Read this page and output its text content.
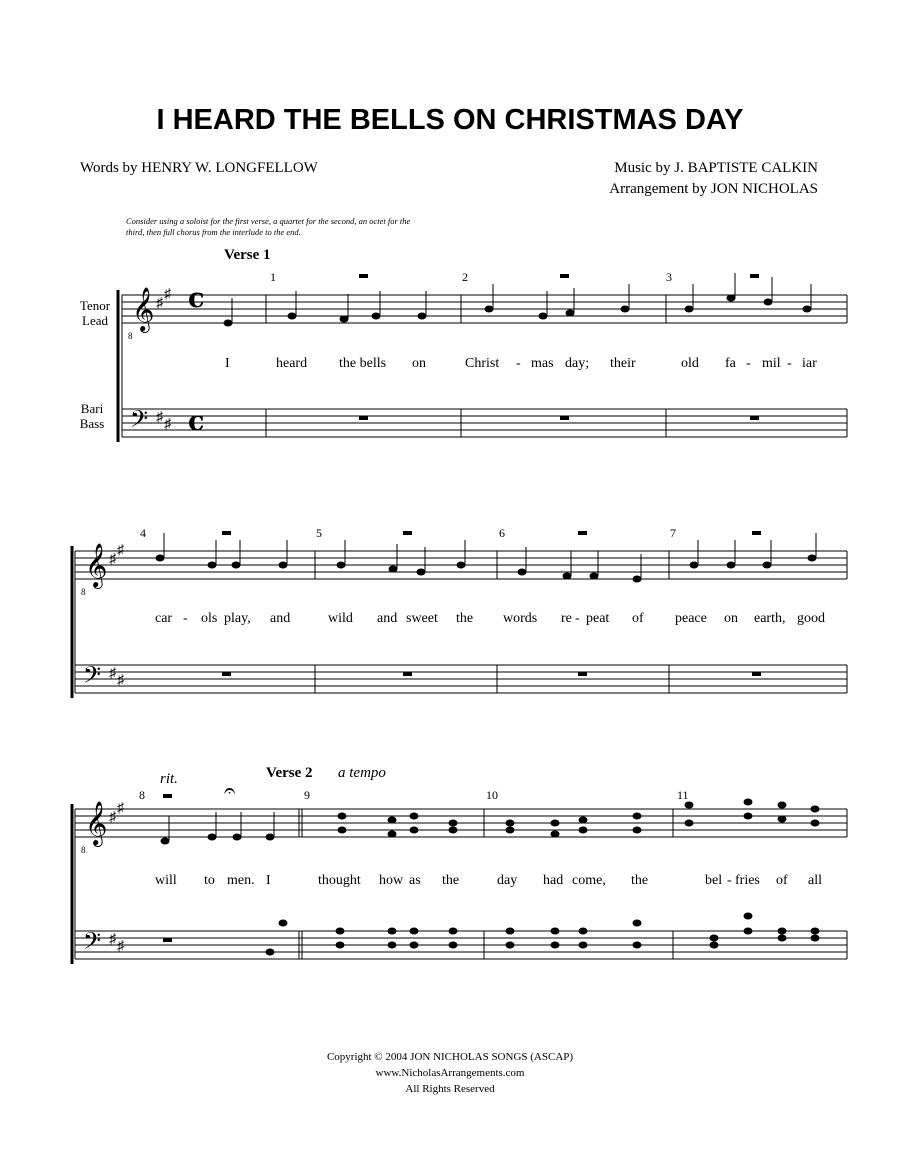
I HEARD THE BELLS ON CHRISTMAS DAY
Words by HENRY W. LONGFELLOW	Music by J. BAPTISTE CALKIN
Arrangement by JON NICHOLAS
Consider using a soloist for the first verse, a quartet for the second, an octet for the third, then full chorus from the interlude to the end.
Tenor
Lead
Bari
Bass
Verse 1
Verse 2 a tempo
rit.
1	2	3
4	5	6	7
8	9	10	11
c
c
𝄞
8
𝄢
♯
♯
♯ ♯
𝄞
8
𝄢
♯
♯
♯ ♯
𝄞
8
𝄢
♯
♯
♯ ♯
𝄐
I	heard the bells on	Christ - mas day; their	old fa - mil - iar
car - ols play, and	wild and sweet the words re - peat of peace on earth, good
will to men. I	thought how as the	day had come, the	bel - fries of all
Copyright © 2004 JON NICHOLAS SONGS (ASCAP)
www.NicholasArrangements.com
All Rights Reserved
